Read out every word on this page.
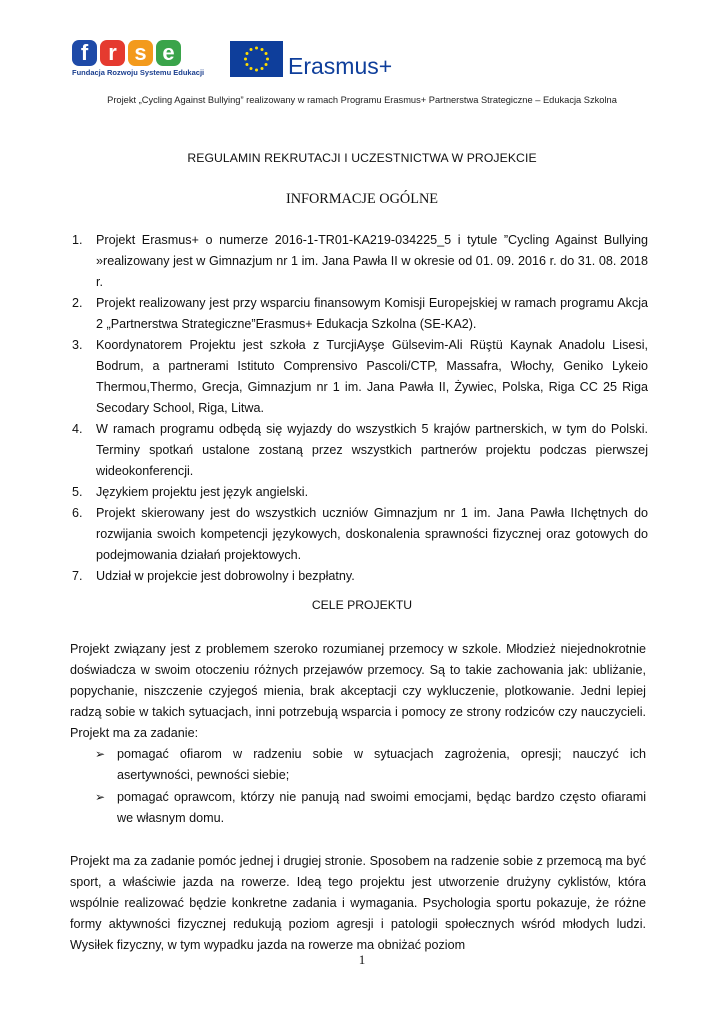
f r s e
Fundacja Rozwoju Systemu Edukacji	Erasmus+
Projekt „Cycling Against Bullying” realizowany w ramach Programu Erasmus+ Partnerstwa Strategiczne – Edukacja Szkolna
REGULAMIN REKRUTACJI I UCZESTNICTWA W PROJEKCIE
INFORMACJE OGÓLNE
1.	Projekt Erasmus+ o numerze 2016-1-TR01-KA219-034225_5 i tytule ”Cycling Against Bullying »realizowany jest w Gimnazjum nr 1 im. Jana Pawła II w okresie od 01. 09. 2016 r. do 31. 08. 2018 r.
2.	Projekt realizowany jest przy wsparciu finansowym Komisji Europejskiej w ramach programu Akcja 2 „Partnerstwa Strategiczne”Erasmus+ Edukacja Szkolna (SE-KA2).
3.	Koordynatorem Projektu jest szkoła z TurcjiAyşe Gülsevim-Ali Rüştü Kaynak Anadolu Lisesi, Bodrum, a partnerami Istituto Comprensivo Pascoli/CTP, Massafra, Włochy, Geniko Lykeio Thermou,Thermo, Grecja, Gimnazjum nr 1 im. Jana Pawła II, Żywiec, Polska, Riga CC 25 Riga Secodary School, Riga, Litwa.
4.	W ramach programu odbędą się wyjazdy do wszystkich 5 krajów partnerskich, w tym do Polski. Terminy spotkań ustalone zostaną przez wszystkich partnerów projektu podczas pierwszej wideokonferencji.
5.	Językiem projektu jest język angielski.
6.	Projekt skierowany jest do wszystkich uczniów Gimnazjum nr 1 im. Jana Pawła IIchętnych do rozwijania swoich kompetencji językowych, doskonalenia sprawności fizycznej oraz gotowych do podejmowania działań projektowych.
7.	Udział w projekcie jest dobrowolny i bezpłatny.
CELE PROJEKTU
Projekt związany jest z problemem szeroko rozumianej przemocy w szkole. Młodzież niejednokrotnie doświadcza w swoim otoczeniu różnych przejawów przemocy. Są to takie zachowania jak: ubliżanie, popychanie, niszczenie czyjegoś mienia, brak akceptacji czy wykluczenie, plotkowanie. Jedni lepiej radzą sobie w takich sytuacjach, inni potrzebują wsparcia i pomocy ze strony rodziców czy nauczycieli. Projekt ma za zadanie:
➢ pomagać ofiarom w radzeniu sobie w sytuacjach zagrożenia, opresji; nauczyć ich asertywności, pewności siebie;
➢ pomagać oprawcom, którzy nie panują nad swoimi emocjami, będąc bardzo często ofiarami we własnym domu.
Projekt ma za zadanie pomóc jednej i drugiej stronie. Sposobem na radzenie sobie z przemocą ma być sport, a właściwie jazda na rowerze. Ideą tego projektu jest utworzenie drużyny cyklistów, która wspólnie realizować będzie konkretne zadania i wymagania. Psychologia sportu pokazuje, że różne formy aktywności fizycznej redukują poziom agresji i patologii społecznych wśród młodych ludzi. Wysiłek fizyczny, w tym wypadku jazda na rowerze ma obniżać poziom
1
